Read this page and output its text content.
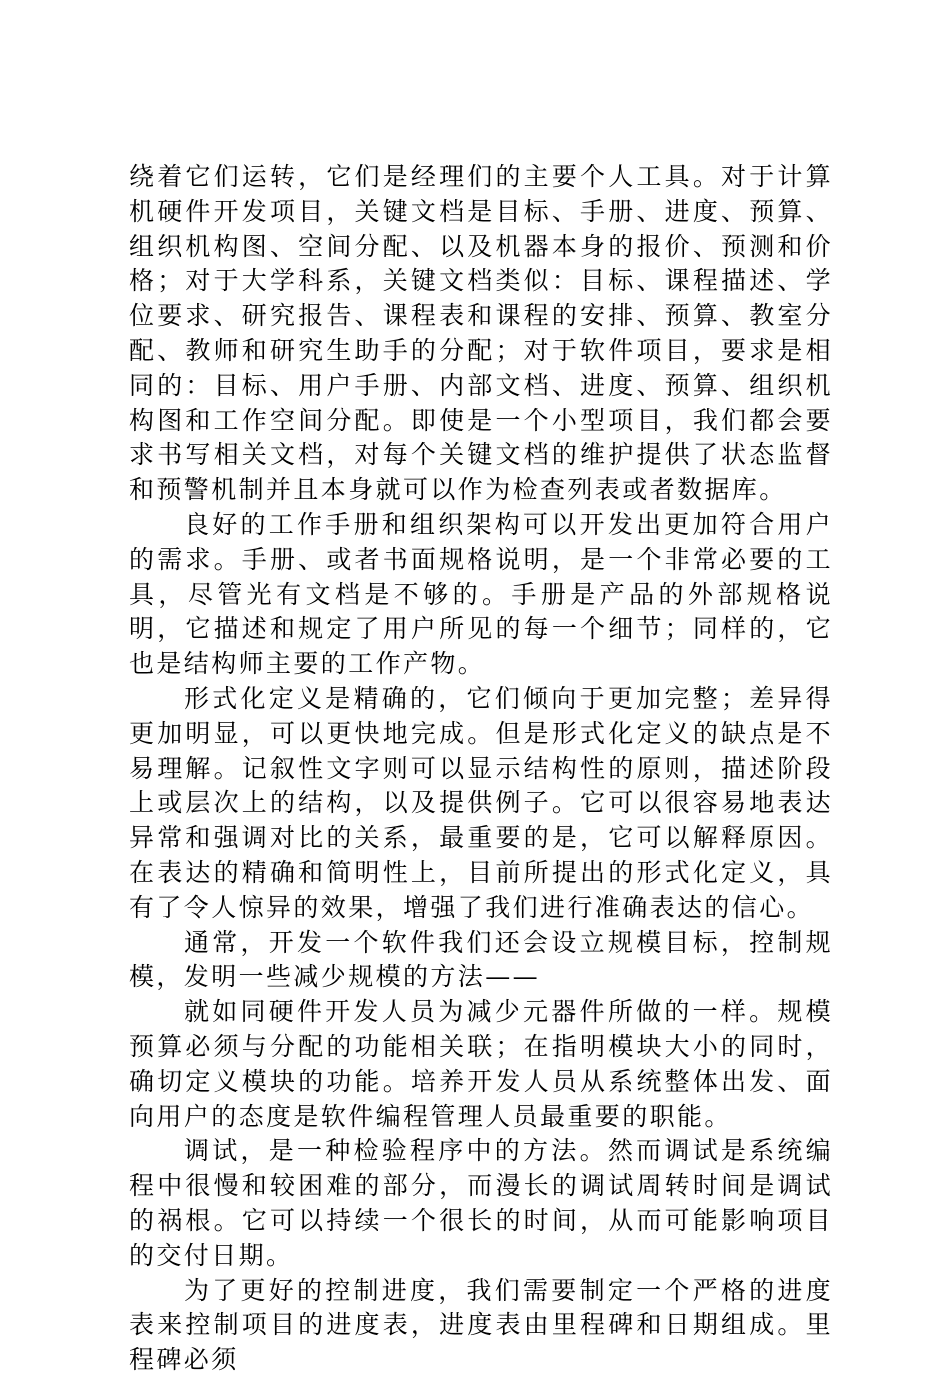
绕着它们运转，它们是经理们的主要个人工具。对于计算机硬件开发项目，关键文档是目标、手册、进度、预算、组织机构图、空间分配、以及机器本身的报价、预测和价格；对于大学科系，关键文档类似：目标、课程描述、学位要求、研究报告、课程表和课程的安排、预算、教室分配、教师和研究生助手的分配；对于软件项目，要求是相同的：目标、用户手册、内部文档、进度、预算、组织机构图和工作空间分配。即使是一个小型项目，我们都会要求书写相关文档，对每个关键文档的维护提供了状态监督和预警机制并且本身就可以作为检查列表或者数据库。

良好的工作手册和组织架构可以开发出更加符合用户的需求。手册、或者书面规格说明，是一个非常必要的工具，尽管光有文档是不够的。手册是产品的外部规格说明，它描述和规定了用户所见的每一个细节；同样的，它也是结构师主要的工作产物。

形式化定义是精确的，它们倾向于更加完整；差异得更加明显，可以更快地完成。但是形式化定义的缺点是不易理解。记叙性文字则可以显示结构性的原则，描述阶段上或层次上的结构，以及提供例子。它可以很容易地表达异常和强调对比的关系，最重要的是，它可以解释原因。在表达的精确和简明性上，目前所提出的形式化定义，具有了令人惊异的效果，增强了我们进行准确表达的信心。

通常，开发一个软件我们还会设立规模目标，控制规模，发明一些减少规模的方法——

就如同硬件开发人员为减少元器件所做的一样。规模预算必须与分配的功能相关联；在指明模块大小的同时，确切定义模块的功能。培养开发人员从系统整体出发、面向用户的态度是软件编程管理人员最重要的职能。

调试，是一种检验程序中的方法。然而调试是系统编程中很慢和较困难的部分，而漫长的调试周转时间是调试的祸根。它可以持续一个很长的时间，从而可能影响项目的交付日期。

为了更好的控制进度，我们需要制定一个严格的进度表来控制项目的进度表，进度表由里程碑和日期组成。里程碑必须
